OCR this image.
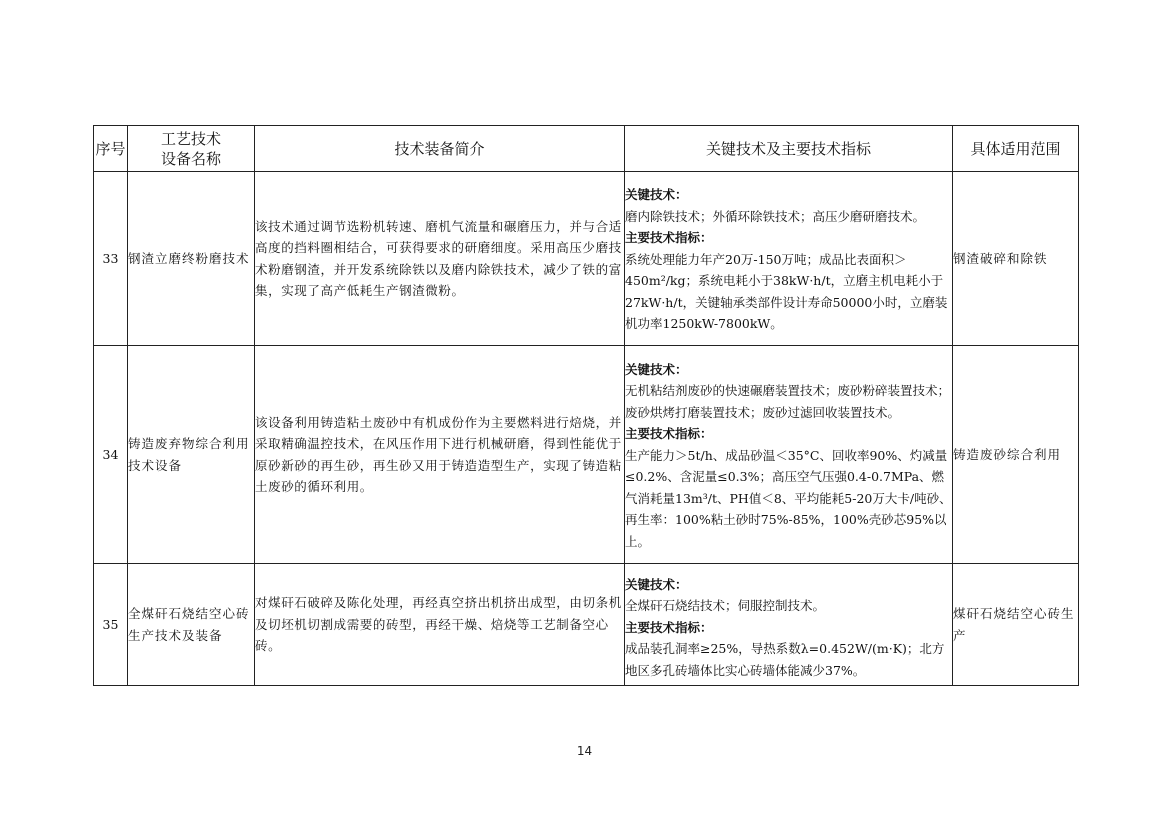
序号	工艺技术设备名称	技术装备简介	关键技术及主要技术指标	具体适用范围
33	钢渣立磨终粉磨技术	该技术通过调节选粉机转速、磨机气流量和碾磨压力，并与合适高度的挡料圈相结合，可获得要求的研磨细度。采用高压少磨技术粉磨钢渣，并开发系统除铁以及磨内除铁技术，减少了铁的富集，实现了高产低耗生产钢渣微粉。	关键技术：
磨内除铁技术；外循环除铁技术；高压少磨研磨技术。
主要技术指标：
系统处理能力年产20万-150万吨；成品比表面积＞450m²/kg；系统电耗小于38kW·h/t，立磨主机电耗小于27kW·h/t，关键轴承类部件设计寿命50000小时，立磨装机功率1250kW-7800kW。	钢渣破碎和除铁
34	铸造废弃物综合利用技术设备	该设备利用铸造粘土废砂中有机成份作为主要燃料进行焙烧，并采取精确温控技术，在风压作用下进行机械研磨，得到性能优于原砂新砂的再生砂，再生砂又用于铸造造型生产，实现了铸造粘土废砂的循环利用。	关键技术：
无机粘结剂废砂的快速碾磨装置技术；废砂粉碎装置技术；废砂烘烤打磨装置技术；废砂过滤回收装置技术。
主要技术指标：
生产能力＞5t/h、成品砂温＜35°C、回收率90%、灼减量≤0.2%、含泥量≤0.3%；高压空气压强0.4-0.7MPa、燃气消耗量13m³/t、PH值＜8、平均能耗5-20万大卡/吨砂、再生率：100%粘土砂时75%-85%，100%壳砂芯95%以上。	铸造废砂综合利用
35	全煤矸石烧结空心砖生产技术及装备	对煤矸石破碎及陈化处理，再经真空挤出机挤出成型，由切条机及切坯机切割成需要的砖型，再经干燥、焙烧等工艺制备空心砖。	关键技术：
全煤矸石烧结技术；伺服控制技术。
主要技术指标：
成品装孔洞率≥25%，导热系数λ=0.452W/(m·K)；北方地区多孔砖墙体比实心砖墙体能减少37%。	煤矸石烧结空心砖生产
14
